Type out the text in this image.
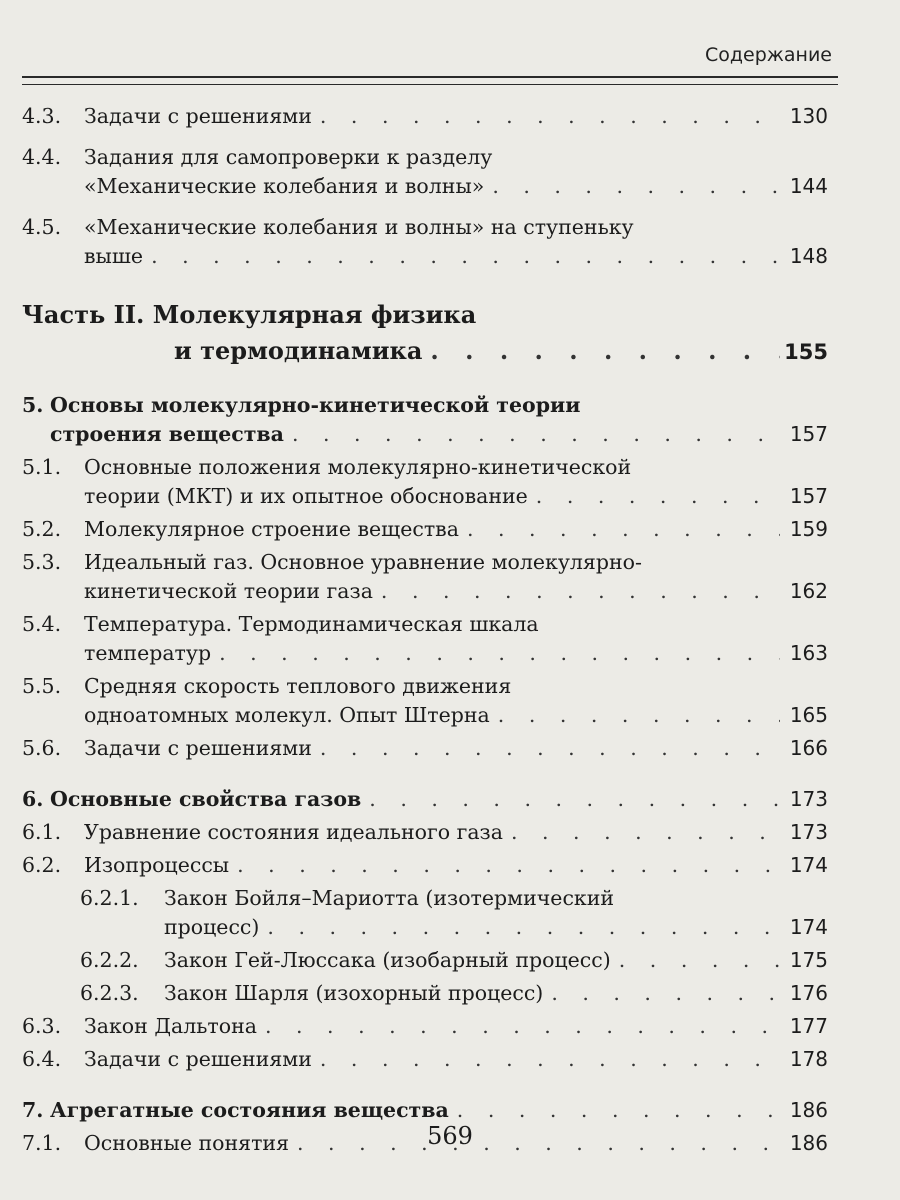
Содержание
4.3.	Задачи с решениями . . .	130
4.4.	Задания для самопроверки к разделу
«Механические колебания и волны» . . .	144
4.5.	«Механические колебания и волны» на ступеньку
выше . . .	148
Часть II. Молекулярная физика
и термодинамика . . .	155
5. Основы молекулярно-кинетической теории
строения вещества . . .	157
5.1.	Основные положения молекулярно-кинетической
теории (МКТ) и их опытное обоснование . . .	157
5.2.	Молекулярное строение вещества . . .	159
5.3.	Идеальный газ. Основное уравнение молекулярно-
кинетической теории газа . . .	162
5.4.	Температура. Термодинамическая шкала
температур . . .	163
5.5.	Средняя скорость теплового движения
одноатомных молекул. Опыт Штерна . . .	165
5.6.	Задачи с решениями . . .	166
6. Основные свойства газов . . .	173
6.1.	Уравнение состояния идеального газа . . .	173
6.2.	Изопроцессы . . .	174
6.2.1.	Закон Бойля–Мариотта (изотермический
процесс) . . .	174
6.2.2.	Закон Гей-Люссака (изобарный процесс) . . .	175
6.2.3.	Закон Шарля (изохорный процесс) . . .	176
6.3.	Закон Дальтона . . .	177
6.4.	Задачи с решениями . . .	178
7. Агрегатные состояния вещества . . .	186
7.1.	Основные понятия . . .	186
569
